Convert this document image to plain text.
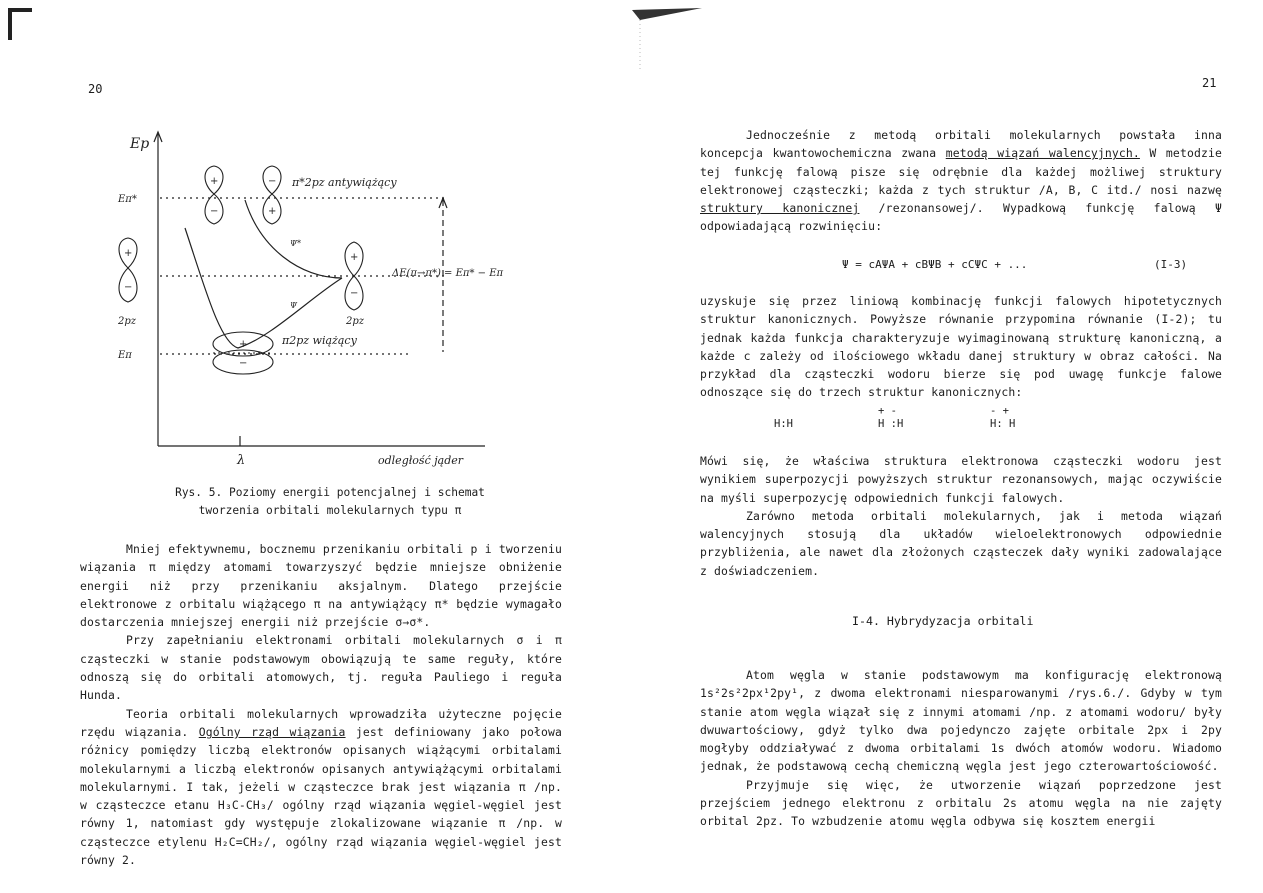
20
+
−
+
−
+
−
−
+
+
−
Ep
Eπ*
Eπ
π*2pz antywiążący
π2pz wiążący
2pz	2pz
Ψ*
Ψ
ΔE(π→π*) = Eπ* − Eπ
λ	odległość jąder
Rys. 5. Poziomy energii potencjalnej i schemat
tworzenia orbitali molekularnych typu π

Mniej efektywnemu, bocznemu przenikaniu orbitali p i tworzeniu wiązania π między atomami towarzyszyć będzie mniejsze obniżenie energii niż przy przenikaniu aksjalnym. Dlatego przejście elektronowe z orbitalu wiążącego π na antywiążący π* będzie wymagało dostarczenia mniejszej energii niż przejście σ→σ*.

Przy zapełnianiu elektronami orbitali molekularnych σ i π cząsteczki w stanie podstawowym obowiązują te same reguły, które odnoszą się do orbitali atomowych, tj. reguła Pauliego i reguła Hunda.

Teoria orbitali molekularnych wprowadziła użyteczne pojęcie rzędu wiązania. Ogólny rząd wiązania jest definiowany jako połowa różnicy pomiędzy liczbą elektronów opisanych wiążącymi orbitalami molekularnymi a liczbą elektronów opisanych antywiążącymi orbitalami molekularnymi. I tak, jeżeli w cząsteczce brak jest wiązania π /np. w cząsteczce etanu H₃C-CH₃/ ogólny rząd wiązania węgiel-węgiel jest równy 1, natomiast gdy występuje zlokalizowane wiązanie π /np. w cząsteczce etylenu H₂C=CH₂/, ogólny rząd wiązania węgiel-węgiel jest równy 2.

21

Jednocześnie z metodą orbitali molekularnych powstała inna koncepcja kwantowochemiczna zwana metodą wiązań walencyjnych. W metodzie tej funkcję falową pisze się odrębnie dla każdej możliwej struktury elektronowej cząsteczki; każda z tych struktur /A, B, C itd./ nosi nazwę struktury kanonicznej /rezonansowej/. Wypadkową funkcję falową Ψ odpowiadającą rozwinięciu:

Ψ = cAΨA + cBΨB + cCΨC + ...	(I-3)

uzyskuje się przez liniową kombinację funkcji falowych hipotetycznych struktur kanonicznych. Powyższe równanie przypomina równanie (I-2); tu jednak każda funkcja charakteryzuje wyimaginowaną strukturę kanoniczną, a każde c zależy od ilościowego wkładu danej struktury w obraz całości. Na przykład dla cząsteczki wodoru bierze się pod uwagę funkcje falowe odnoszące się do trzech struktur kanonicznych:

H:H
+ -
H :H
- +
H: H

Mówi się, że właściwa struktura elektronowa cząsteczki wodoru jest wynikiem superpozycji powyższych struktur rezonansowych, mając oczywiście na myśli superpozycję odpowiednich funkcji falowych.

Zarówno metoda orbitali molekularnych, jak i metoda wiązań walencyjnych stosują dla układów wieloelektronowych odpowiednie przybliżenia, ale nawet dla złożonych cząsteczek dały wyniki zadowalające z doświadczeniem.

I-4. Hybrydyzacja orbitali

Atom węgla w stanie podstawowym ma konfigurację elektronową 1s²2s²2px¹2py¹, z dwoma elektronami niesparowanymi /rys.6./. Gdyby w tym stanie atom węgla wiązał się z innymi atomami /np. z atomami wodoru/ były dwuwartościowy, gdyż tylko dwa pojedynczo zajęte orbitale 2px i 2py mogłyby oddziaływać z dwoma orbitalami 1s dwóch atomów wodoru. Wiadomo jednak, że podstawową cechą chemiczną węgla jest jego czterowartościowość.

Przyjmuje się więc, że utworzenie wiązań poprzedzone jest przejściem jednego elektronu z orbitalu 2s atomu węgla na nie zajęty orbital 2pz. To wzbudzenie atomu węgla odbywa się kosztem energii
